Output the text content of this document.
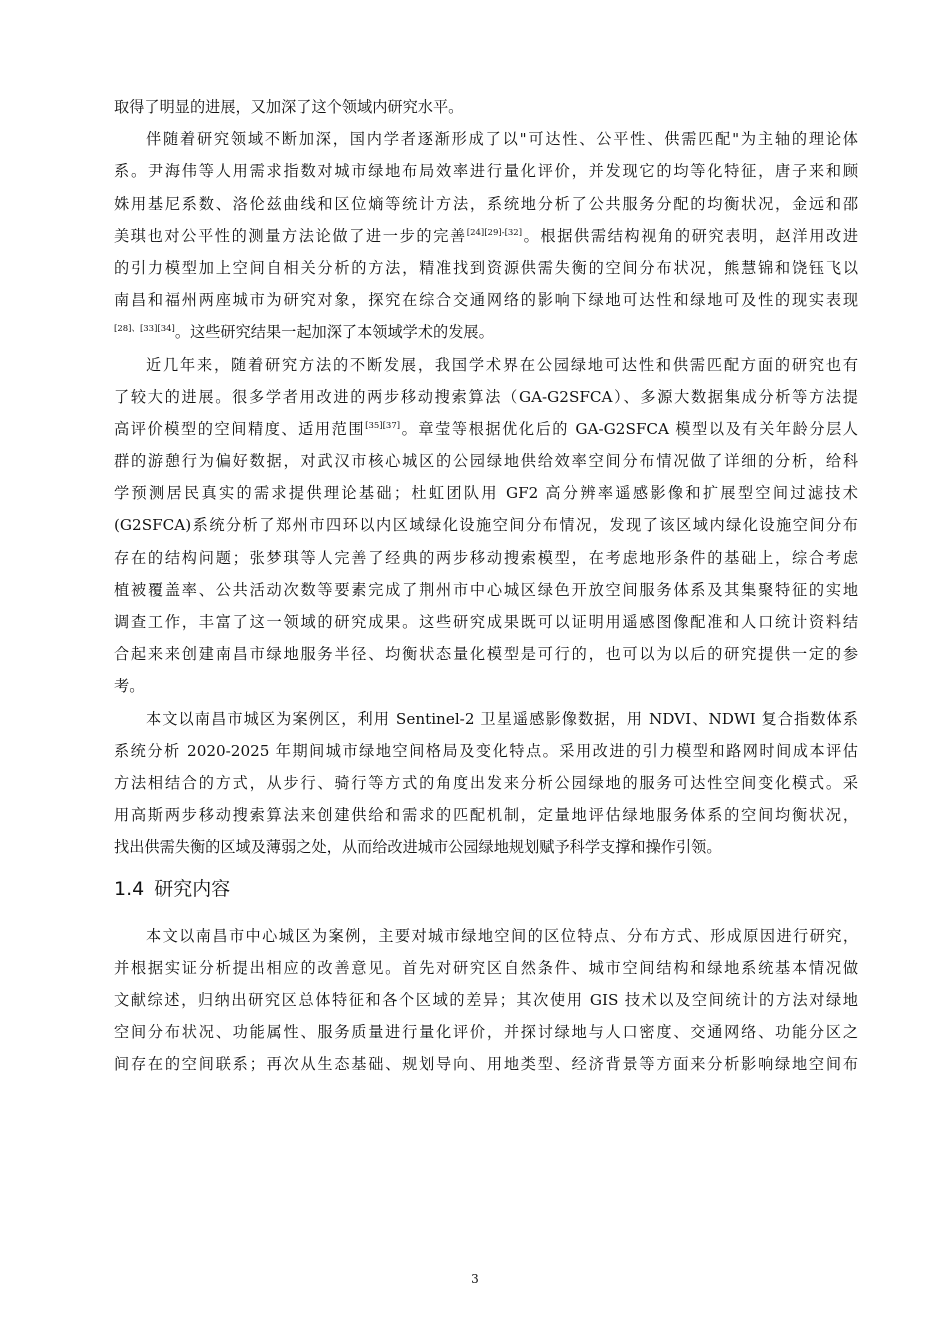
取得了明显的进展，又加深了这个领域内研究水平。
伴随着研究领域不断加深，国内学者逐渐形成了以"可达性、公平性、供需匹配"为主轴的理论体
系。尹海伟等人用需求指数对城市绿地布局效率进行量化评价，并发现它的均等化特征，唐子来和顾
姝用基尼系数、洛伦兹曲线和区位熵等统计方法，系统地分析了公共服务分配的均衡状况，金远和邵
美琪也对公平性的测量方法论做了进一步的完善[24][29]-[32]。根据供需结构视角的研究表明，赵洋用改进
的引力模型加上空间自相关分析的方法，精准找到资源供需失衡的空间分布状况，熊慧锦和饶钰飞以
南昌和福州两座城市为研究对象，探究在综合交通网络的影响下绿地可达性和绿地可及性的现实表现
[28]、[33][34]。这些研究结果一起加深了本领域学术的发展。
近几年来，随着研究方法的不断发展，我国学术界在公园绿地可达性和供需匹配方面的研究也有
了较大的进展。很多学者用改进的两步移动搜索算法（GA-G2SFCA）、多源大数据集成分析等方法提
高评价模型的空间精度、适用范围[35][37]。章莹等根据优化后的 GA-G2SFCA 模型以及有关年龄分层人
群的游憩行为偏好数据，对武汉市核心城区的公园绿地供给效率空间分布情况做了详细的分析，给科
学预测居民真实的需求提供理论基础；杜虹团队用 GF2 高分辨率遥感影像和扩展型空间过滤技术
(G2SFCA)系统分析了郑州市四环以内区域绿化设施空间分布情况，发现了该区域内绿化设施空间分布
存在的结构问题；张梦琪等人完善了经典的两步移动搜索模型，在考虑地形条件的基础上，综合考虑
植被覆盖率、公共活动次数等要素完成了荆州市中心城区绿色开放空间服务体系及其集聚特征的实地
调查工作，丰富了这一领域的研究成果。这些研究成果既可以证明用遥感图像配准和人口统计资料结
合起来来创建南昌市绿地服务半径、均衡状态量化模型是可行的，也可以为以后的研究提供一定的参
考。
本文以南昌市城区为案例区，利用 Sentinel-2 卫星遥感影像数据，用 NDVI、NDWI 复合指数体系
系统分析 2020-2025 年期间城市绿地空间格局及变化特点。采用改进的引力模型和路网时间成本评估
方法相结合的方式，从步行、骑行等方式的角度出发来分析公园绿地的服务可达性空间变化模式。采
用高斯两步移动搜索算法来创建供给和需求的匹配机制，定量地评估绿地服务体系的空间均衡状况，
找出供需失衡的区域及薄弱之处，从而给改进城市公园绿地规划赋予科学支撑和操作引领。
1.4 研究内容
本文以南昌市中心城区为案例，主要对城市绿地空间的区位特点、分布方式、形成原因进行研究，
并根据实证分析提出相应的改善意见。首先对研究区自然条件、城市空间结构和绿地系统基本情况做
文献综述，归纳出研究区总体特征和各个区域的差异；其次使用 GIS 技术以及空间统计的方法对绿地
空间分布状况、功能属性、服务质量进行量化评价，并探讨绿地与人口密度、交通网络、功能分区之
间存在的空间联系；再次从生态基础、规划导向、用地类型、经济背景等方面来分析影响绿地空间布
3
